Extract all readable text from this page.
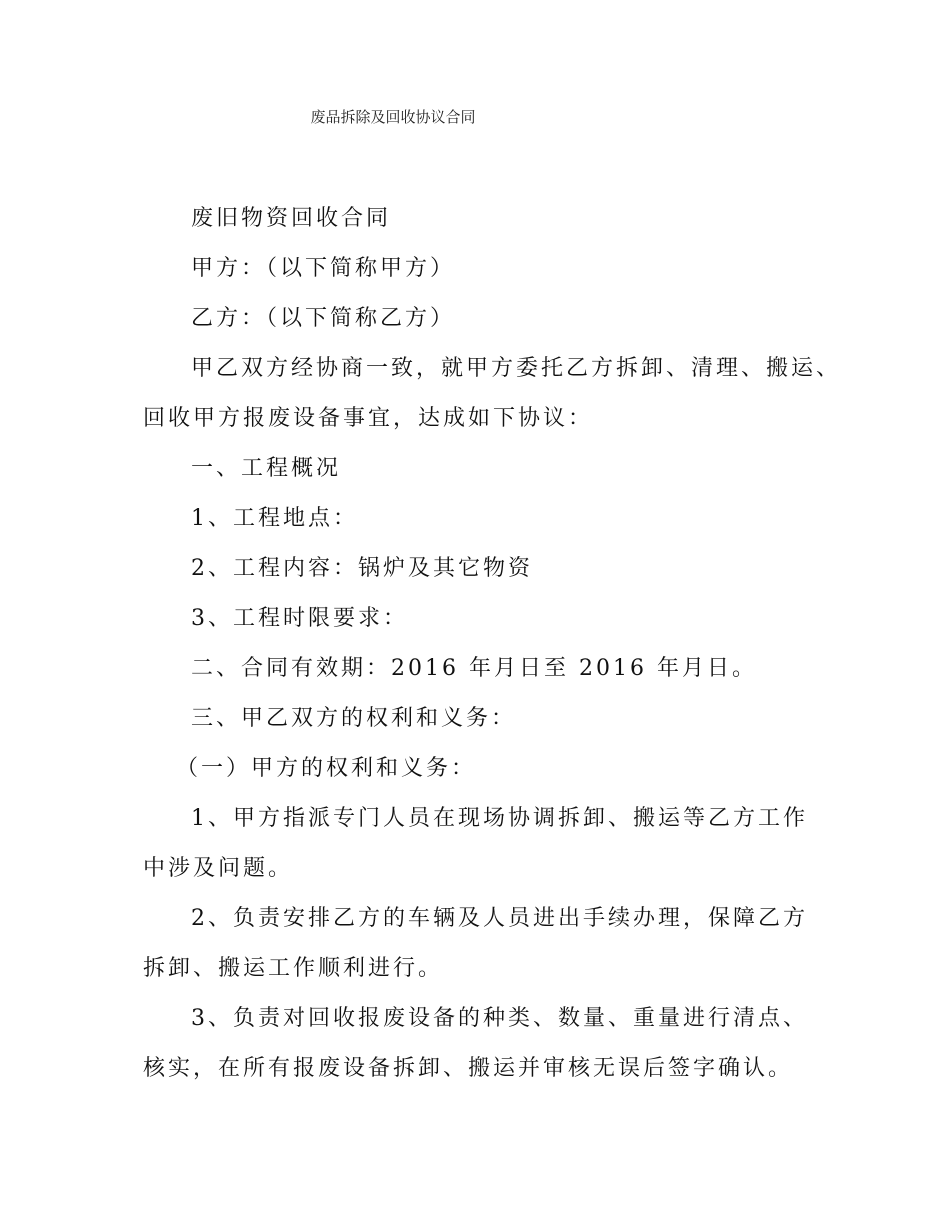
废品拆除及回收协议合同
废旧物资回收合同
甲方：（以下简称甲方）
乙方：（以下简称乙方）
甲乙双方经协商一致，就甲方委托乙方拆卸、清理、搬运、
回收甲方报废设备事宜，达成如下协议：
一、工程概况
1、工程地点：
2、工程内容：锅炉及其它物资
3、工程时限要求：
二、合同有效期：2016 年月日至 2016 年月日。
三、甲乙双方的权利和义务：
（一）甲方的权利和义务：
1、甲方指派专门人员在现场协调拆卸、搬运等乙方工作
中涉及问题。
2、负责安排乙方的车辆及人员进出手续办理，保障乙方
拆卸、搬运工作顺利进行。
3、负责对回收报废设备的种类、数量、重量进行清点、
核实，在所有报废设备拆卸、搬运并审核无误后签字确认。
